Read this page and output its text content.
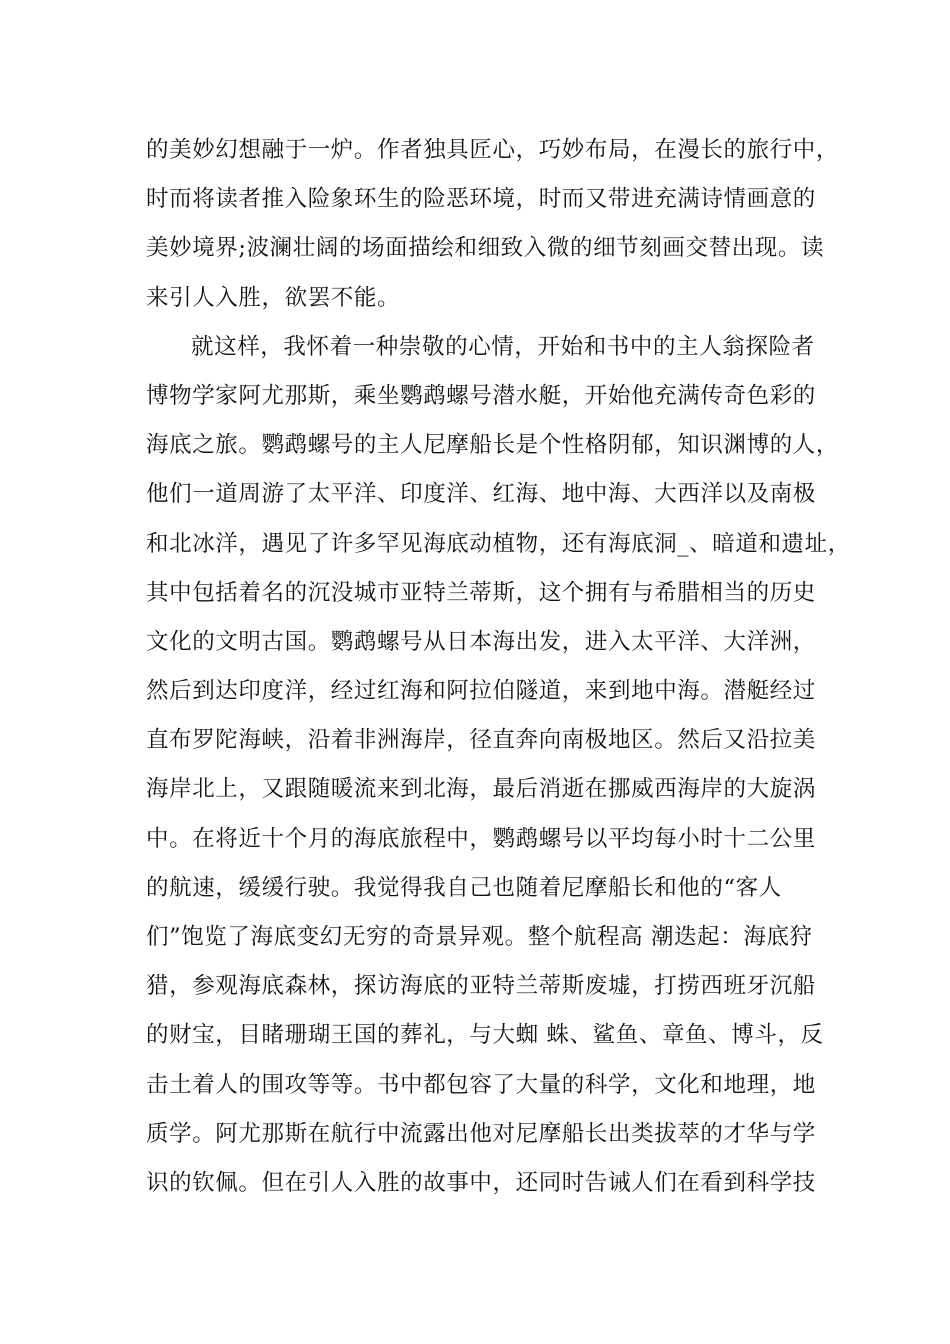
的美妙幻想融于一炉。作者独具匠心，巧妙布局，在漫长的旅行中，
时而将读者推入险象环生的险恶环境，时而又带进充满诗情画意的
美妙境界;波澜壮阔的场面描绘和细致入微的细节刻画交替出现。读
来引人入胜，欲罢不能。
就这样，我怀着一种崇敬的心情，开始和书中的主人翁探险者
博物学家阿尤那斯，乘坐鹦鹉螺号潜水艇，开始他充满传奇色彩的
海底之旅。鹦鹉螺号的主人尼摩船长是个性格阴郁，知识渊博的人，
他们一道周游了太平洋、印度洋、红海、地中海、大西洋以及南极
和北冰洋，遇见了许多罕见海底动植物，还有海底洞_、暗道和遗址，
其中包括着名的沉没城市亚特兰蒂斯，这个拥有与希腊相当的历史
文化的文明古国。鹦鹉螺号从日本海出发，进入太平洋、大洋洲，
然后到达印度洋，经过红海和阿拉伯隧道，来到地中海。潜艇经过
直布罗陀海峡，沿着非洲海岸，径直奔向南极地区。然后又沿拉美
海岸北上，又跟随暖流来到北海，最后消逝在挪威西海岸的大旋涡
中。在将近十个月的海底旅程中，鹦鹉螺号以平均每小时十二公里
的航速，缓缓行驶。我觉得我自己也随着尼摩船长和他的“客人
们”饱览了海底变幻无穷的奇景异观。整个航程高 潮迭起：海底狩
猎，参观海底森林，探访海底的亚特兰蒂斯废墟，打捞西班牙沉船
的财宝，目睹珊瑚王国的葬礼，与大蜘 蛛、鲨鱼、章鱼、博斗，反
击土着人的围攻等等。书中都包容了大量的科学，文化和地理，地
质学。阿尤那斯在航行中流露出他对尼摩船长出类拔萃的才华与学
识的钦佩。但在引人入胜的故事中，还同时告诫人们在看到科学技
